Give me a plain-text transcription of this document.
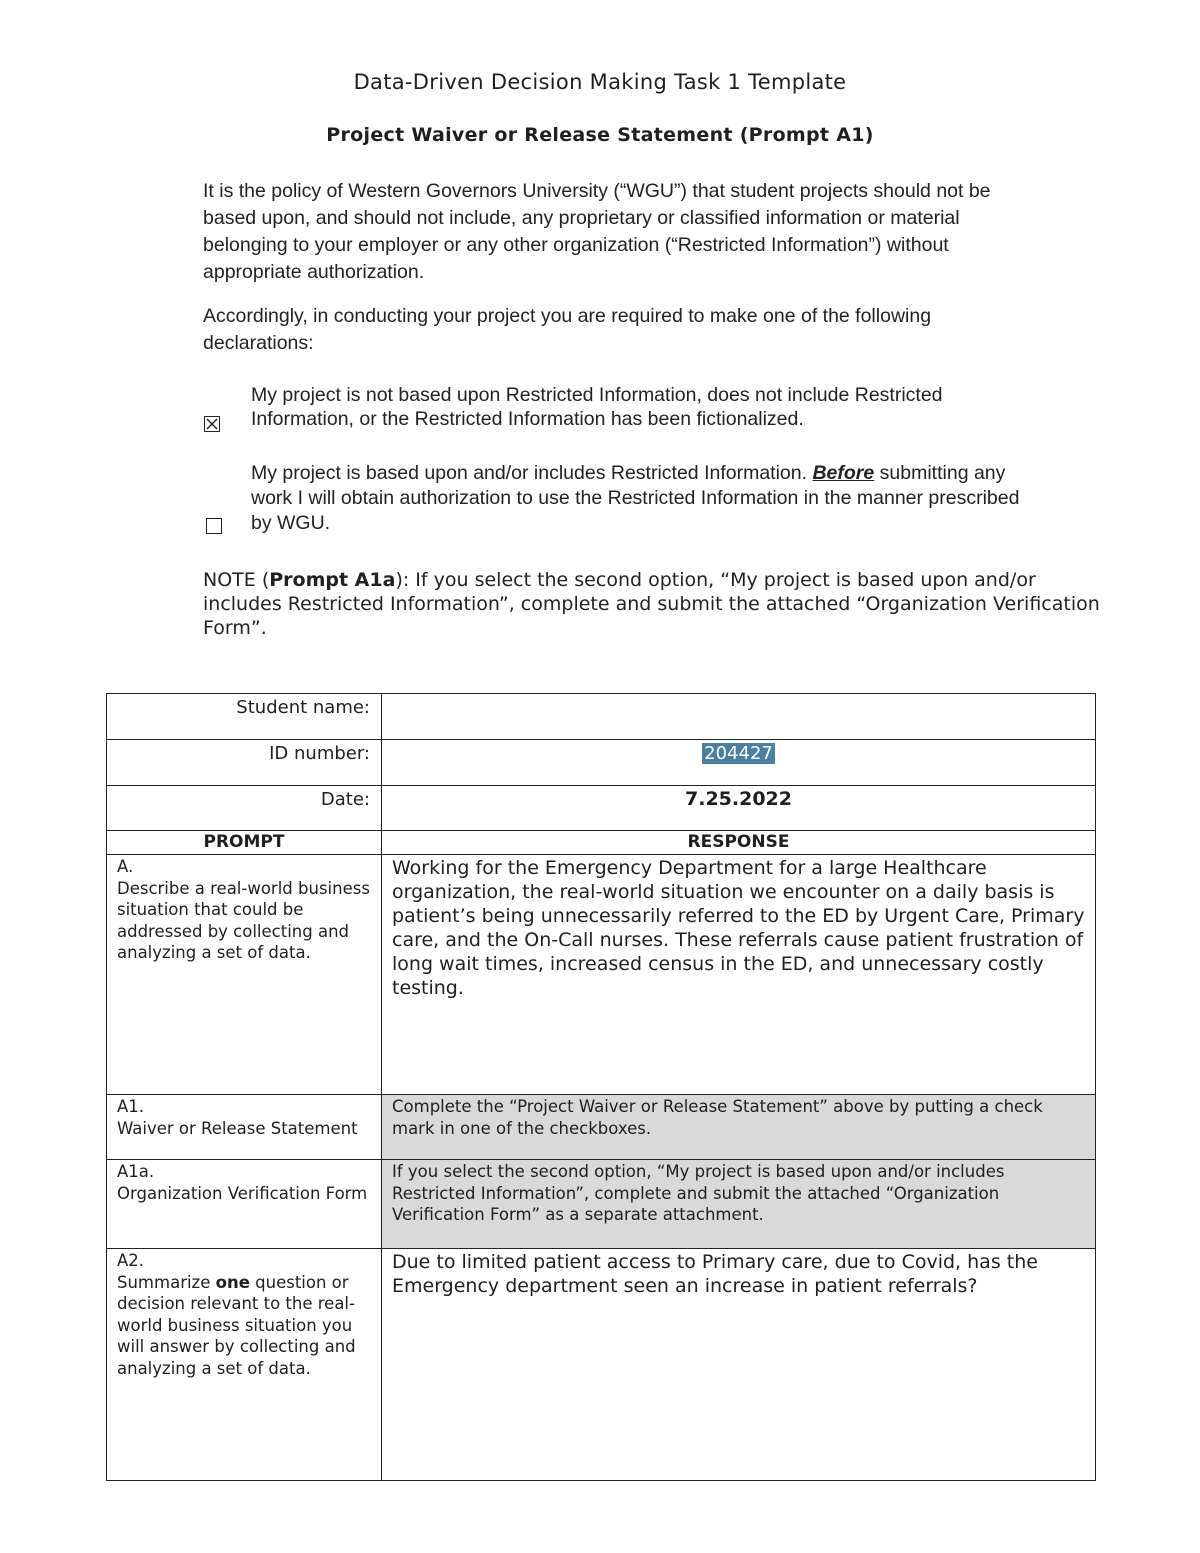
Data-Driven Decision Making Task 1 Template
Project Waiver or Release Statement (Prompt A1)
It is the policy of Western Governors University (“WGU”) that student projects should not be based upon, and should not include, any proprietary or classified information or material belonging to your employer or any other organization (“Restricted Information”) without appropriate authorization.
Accordingly, in conducting your project you are required to make one of the following declarations:
My project is not based upon Restricted Information, does not include Restricted Information, or the Restricted Information has been fictionalized.
My project is based upon and/or includes Restricted Information. Before submitting any work I will obtain authorization to use the Restricted Information in the manner prescribed by WGU.
NOTE (Prompt A1a): If you select the second option, “My project is based upon and/or includes Restricted Information”, complete and submit the attached “Organization Verification Form”.
Student name:	
ID number:	204427
Date:	7.25.2022
PROMPT	RESPONSE

A.
Describe a real-world business situation that could be addressed by collecting and analyzing a set of data.	Working for the Emergency Department for a large Healthcare organization, the real-world situation we encounter on a daily basis is patient’s being unnecessarily referred to the ED by Urgent Care, Primary care, and the On-Call nurses. These referrals cause patient frustration of long wait times, increased census in the ED, and unnecessary costly testing.

A1.
Waiver or Release Statement	Complete the “Project Waiver or Release Statement” above by putting a check mark in one of the checkboxes.

A1a.
Organization Verification Form	If you select the second option, “My project is based upon and/or includes Restricted Information”, complete and submit the attached “Organization Verification Form” as a separate attachment.

A2.
Summarize one question or decision relevant to the real-world business situation you will answer by collecting and analyzing a set of data.	Due to limited patient access to Primary care, due to Covid, has the Emergency department seen an increase in patient referrals?
